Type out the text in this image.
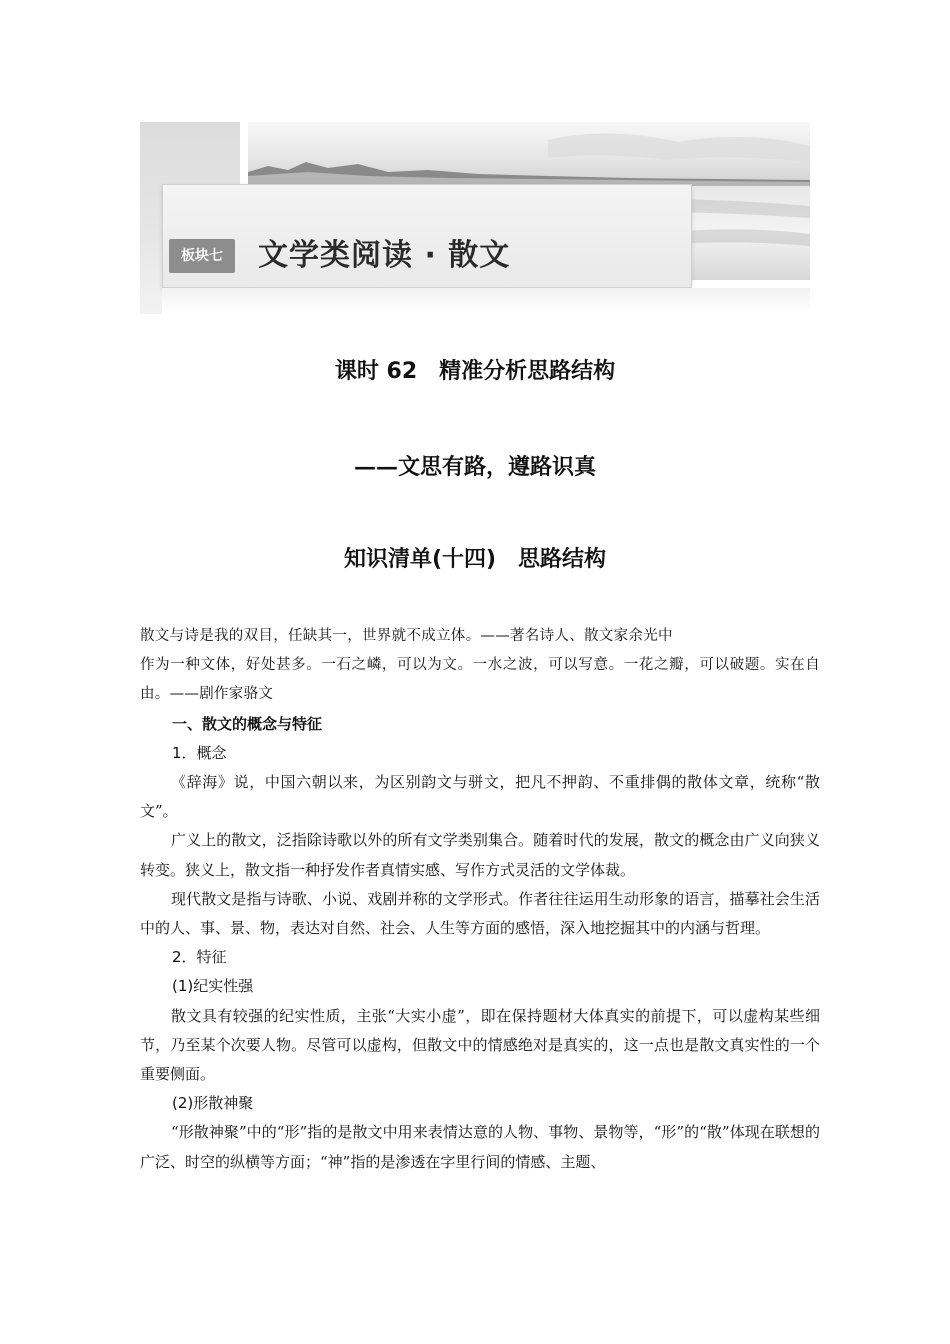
板块七	文学类阅读 · 散文
课时 62　精准分析思路结构
——文思有路，遵路识真
知识清单(十四)　思路结构

散文与诗是我的双目，任缺其一，世界就不成立体。——著名诗人、散文家余光中

作为一种文体，好处甚多。一石之嶙，可以为文。一水之波，可以写意。一花之瓣，可以破题。实在自由。——剧作家骆文

一、散文的概念与特征

1．概念

《辞海》说，中国六朝以来，为区别韵文与骈文，把凡不押韵、不重排偶的散体文章，统称“散文”。

广义上的散文，泛指除诗歌以外的所有文学类别集合。随着时代的发展，散文的概念由广义向狭义转变。狭义上，散文指一种抒发作者真情实感、写作方式灵活的文学体裁。

现代散文是指与诗歌、小说、戏剧并称的文学形式。作者往往运用生动形象的语言，描摹社会生活中的人、事、景、物，表达对自然、社会、人生等方面的感悟，深入地挖掘其中的内涵与哲理。

2．特征

(1)纪实性强

散文具有较强的纪实性质，主张“大实小虚”，即在保持题材大体真实的前提下，可以虚构某些细节，乃至某个次要人物。尽管可以虚构，但散文中的情感绝对是真实的，这一点也是散文真实性的一个重要侧面。

(2)形散神聚

“形散神聚”中的“形”指的是散文中用来表情达意的人物、事物、景物等，“形”的“散”体现在联想的广泛、时空的纵横等方面；“神”指的是渗透在字里行间的情感、主题、
